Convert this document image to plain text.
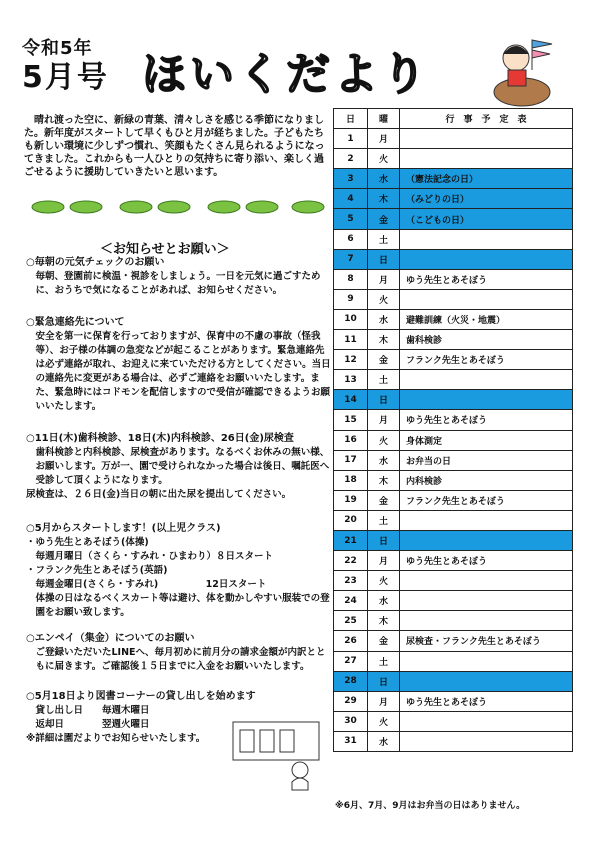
令和5年
5月号 ほいくだより

晴れ渡った空に、新緑の青葉、清々しさを感じる季節になりました。新年度がスタートして早くもひと月が経ちました。子どもたちも新しい環境に少しずつ慣れ、笑顔もたくさん見られるようになってきました。これからも一人ひとりの気持ちに寄り添い、楽しく過ごせるように援助していきたいと思います。

＜お知らせとお願い＞

○毎朝の元気チェックのお願い

毎朝、登園前に検温・視診をしましょう。一日を元気に過ごすために、おうちで気になることがあれば、お知らせください。

○緊急連絡先について

安全を第一に保育を行っておりますが、保育中の不慮の事故（怪我等）、お子様の体調の急変などが起こることがあります。緊急連絡先は必ず連絡が取れ、お迎えに来ていただける方としてください。当日の連絡先に変更がある場合は、必ずご連絡をお願いいたします。また、緊急時にはコドモンを配信しますので受信が確認できるようお願いいたします。

○11日(木)歯科検診、18日(木)内科検診、26日(金)尿検査

歯科検診と内科検診、尿検査があります。なるべくお休みの無い様、お願いします。万が一、園で受けられなかった場合は後日、嘱託医へ受診して頂くようになります。

尿検査は、２６日(金)当日の朝に出た尿を提出してください。

○5月からスタートします！(以上児クラス)

・ゆう先生とあそぼう(体操)

毎週月曜日（さくら・すみれ・ひまわり）８日スタート

・フランク先生とあそぼう(英語)

毎週金曜日(さくら・すみれ)　　　　　12日スタート

体操の日はなるべくスカート等は避け、体を動かしやすい服装での登園をお願い致します。

○エンペイ（集金）についてのお願い

ご登録いただいたLINEへ、毎月初めに前月分の請求金額が内訳とともに届きます。ご確認後１５日までに入金をお願いいたします。

○5月18日より図書コーナーの貸し出しを始めます

貸し出し日　　毎週木曜日

返却日　　　　翌週火曜日

※詳細は園だよりでお知らせいたします。

日	曜	行　事　予　定　表
1	月	
2	火	
3	水	（憲法記念の日）
4	木	（みどりの日）
5	金	（こどもの日）
6	土	
7	日	
8	月	ゆう先生とあそぼう
9	火	
10	水	避難訓練（火災・地震）
11	木	歯科検診
12	金	フランク先生とあそぼう
13	土	
14	日	
15	月	ゆう先生とあそぼう
16	火	身体測定
17	水	お弁当の日
18	木	内科検診
19	金	フランク先生とあそぼう
20	土	
21	日	
22	月	ゆう先生とあそぼう
23	火	
24	水	
25	木	
26	金	尿検査・フランク先生とあそぼう
27	土	
28	日	
29	月	ゆう先生とあそぼう
30	火	
31	水	
※6月、7月、9月はお弁当の日はありません。
